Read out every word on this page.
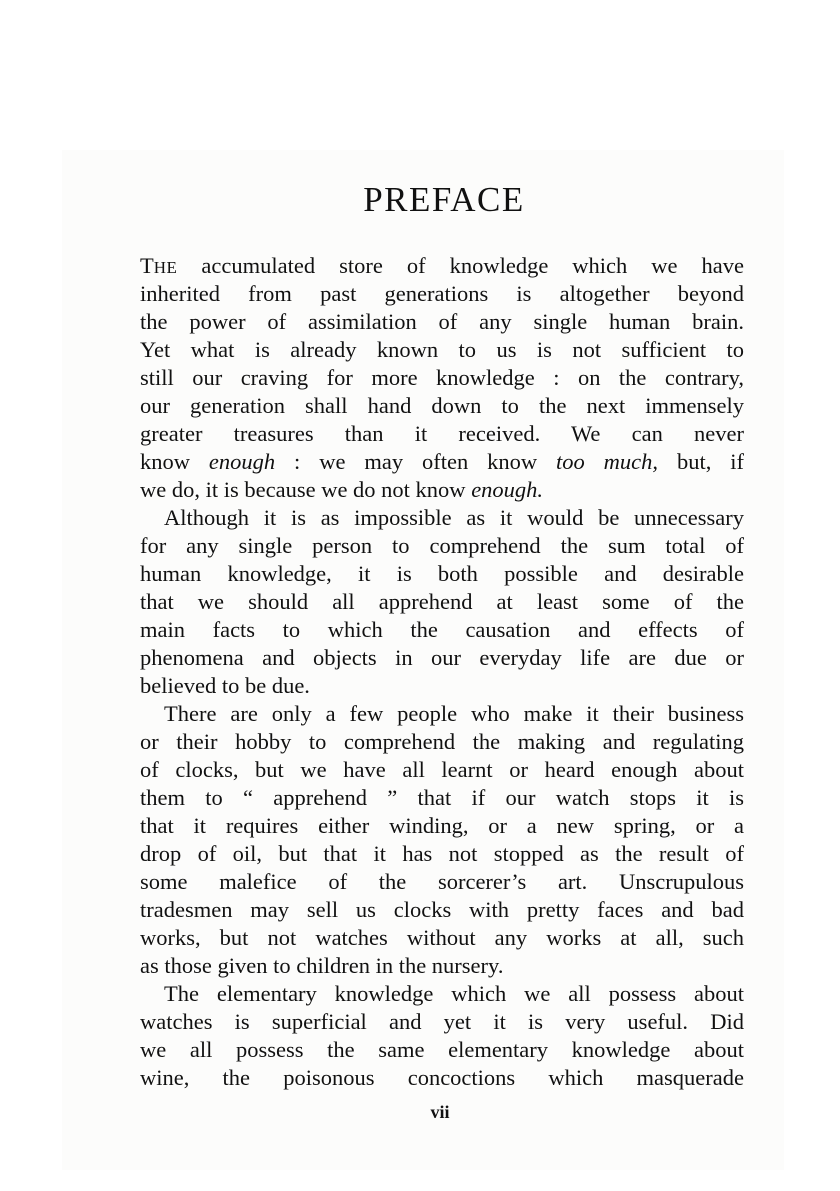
PREFACE
THE accumulated store of knowledge which we have
inherited from past generations is altogether beyond
the power of assimilation of any single human brain.
Yet what is already known to us is not sufficient to
still our craving for more knowledge : on the contrary,
our generation shall hand down to the next immensely
greater treasures than it received. We can never
know enough : we may often know too much, but, if
we do, it is because we do not know enough.
Although it is as impossible as it would be unnecessary
for any single person to comprehend the sum total of
human knowledge, it is both possible and desirable
that we should all apprehend at least some of the
main facts to which the causation and effects of
phenomena and objects in our everyday life are due or
believed to be due.
There are only a few people who make it their business
or their hobby to comprehend the making and regulating
of clocks, but we have all learnt or heard enough about
them to “ apprehend ” that if our watch stops it is
that it requires either winding, or a new spring, or a
drop of oil, but that it has not stopped as the result of
some malefice of the sorcerer’s art. Unscrupulous
tradesmen may sell us clocks with pretty faces and bad
works, but not watches without any works at all, such
as those given to children in the nursery.
The elementary knowledge which we all possess about
watches is superficial and yet it is very useful. Did
we all possess the same elementary knowledge about
wine, the poisonous concoctions which masquerade
vii
